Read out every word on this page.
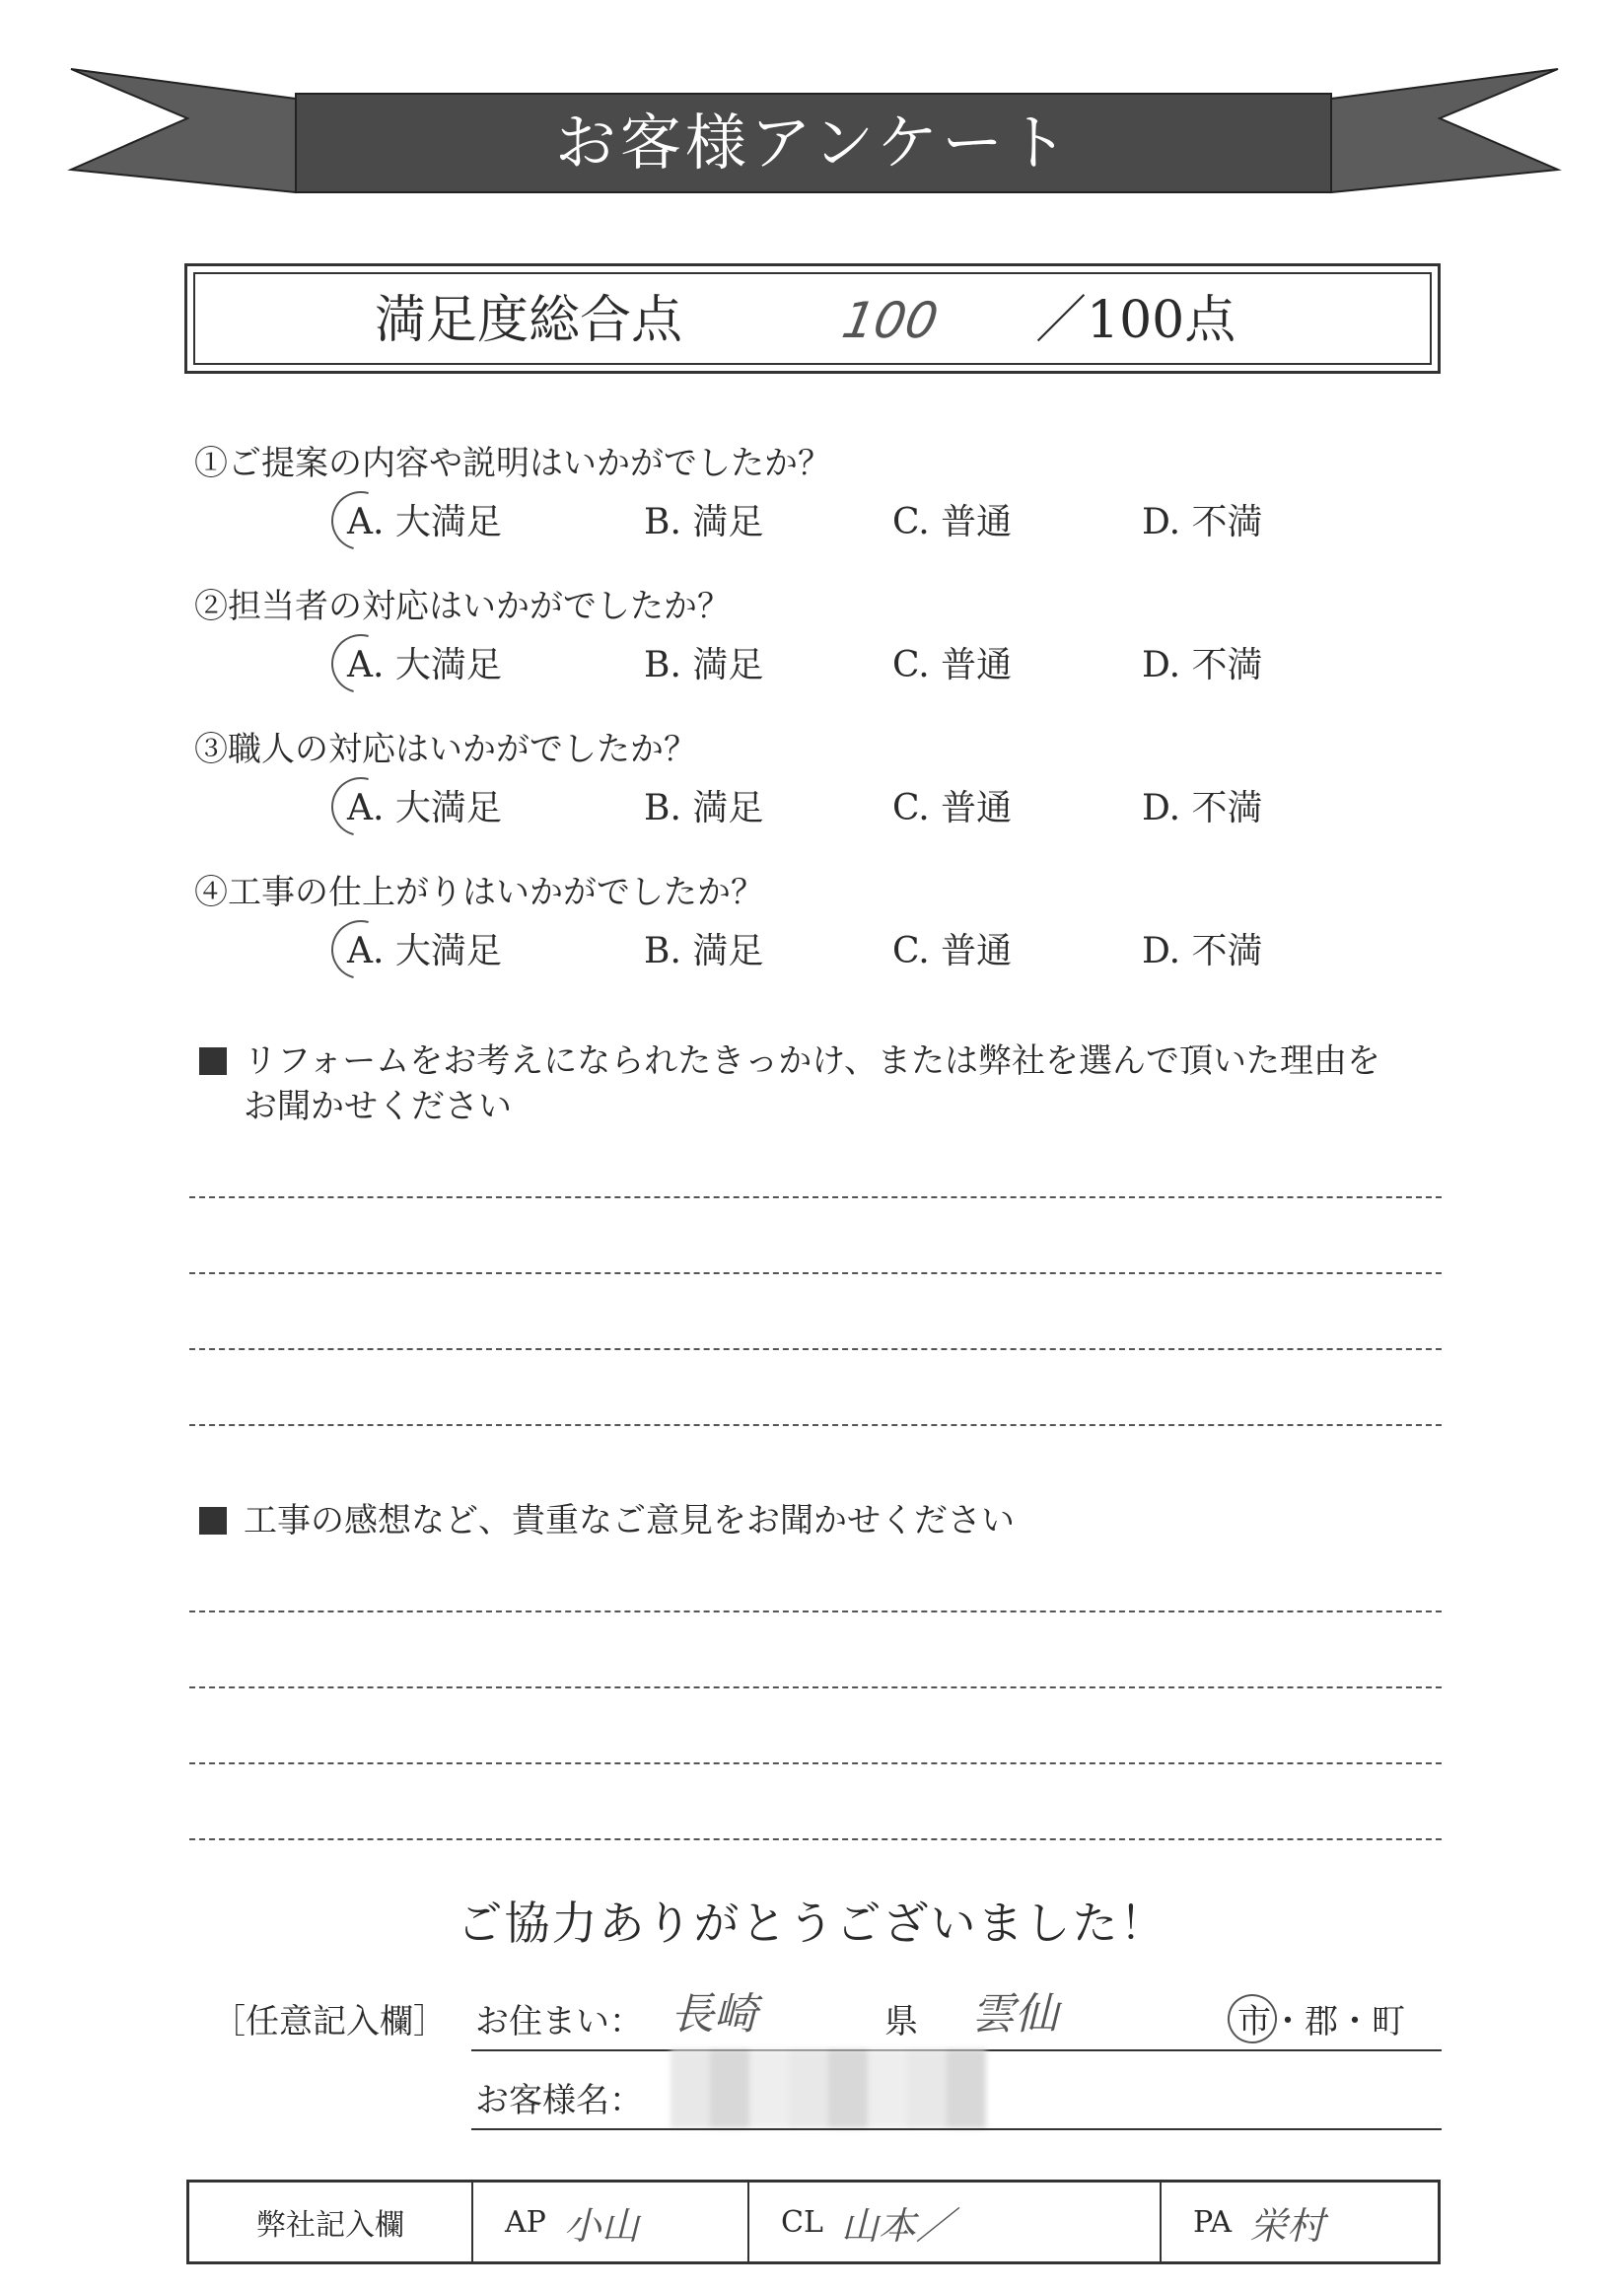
お客様アンケート
満足度総合点	100 ／100点
①ご提案の内容や説明はいかがでしたか？
A. 大満足	B. 満足	C. 普通	D. 不満
②担当者の対応はいかがでしたか？
A. 大満足	B. 満足	C. 普通	D. 不満
③職人の対応はいかがでしたか？
A. 大満足	B. 満足	C. 普通	D. 不満
④工事の仕上がりはいかがでしたか？
A. 大満足	B. 満足	C. 普通	D. 不満
リフォームをお考えになられたきっかけ、または弊社を選んで頂いた理由を
お聞かせください
工事の感想など、貴重なご意見をお聞かせください
ご協力ありがとうございました！
［任意記入欄］ お住まい： 長崎	県 雲仙	市・郡・町
お客様名：
弊社記入欄	AP 小山	CL 山本／	PA 栄村
